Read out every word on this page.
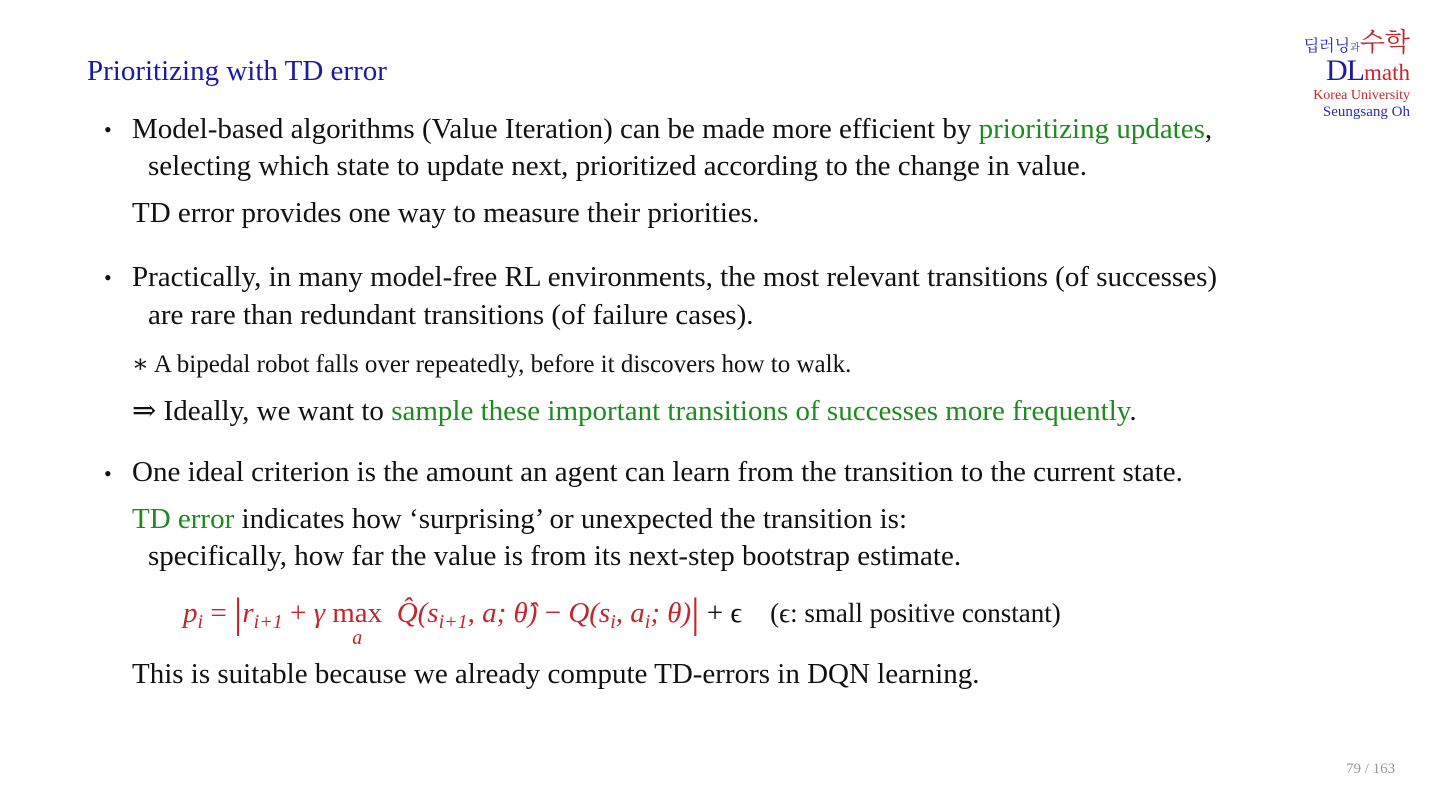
Prioritizing with TD error
딥러닝과수학
DLmath
Korea University
Seungsang Oh
• Model-based algorithms (Value Iteration) can be made more efficient by prioritizing updates,
selecting which state to update next, prioritized according to the change in value.
TD error provides one way to measure their priorities.
• Practically, in many model-free RL environments, the most relevant transitions (of successes)
are rare than redundant transitions (of failure cases).
∗ A bipedal robot falls over repeatedly, before it discovers how to walk.
⇒ Ideally, we want to sample these important transitions of successes more frequently.
• One ideal criterion is the amount an agent can learn from the transition to the current state.
TD error indicates how ‘surprising’ or unexpected the transition is:
specifically, how far the value is from its next-step bootstrap estimate.
$p_i = |r_{i+1} + \gamma$ max
a
$Q̂(s_{i+1}$, a; θ̂) − $Q(s_i$, $a_i$; θ)| + ϵ (ϵ: small positive constant)
This is suitable because we already compute TD-errors in DQN learning.
79 / 163
